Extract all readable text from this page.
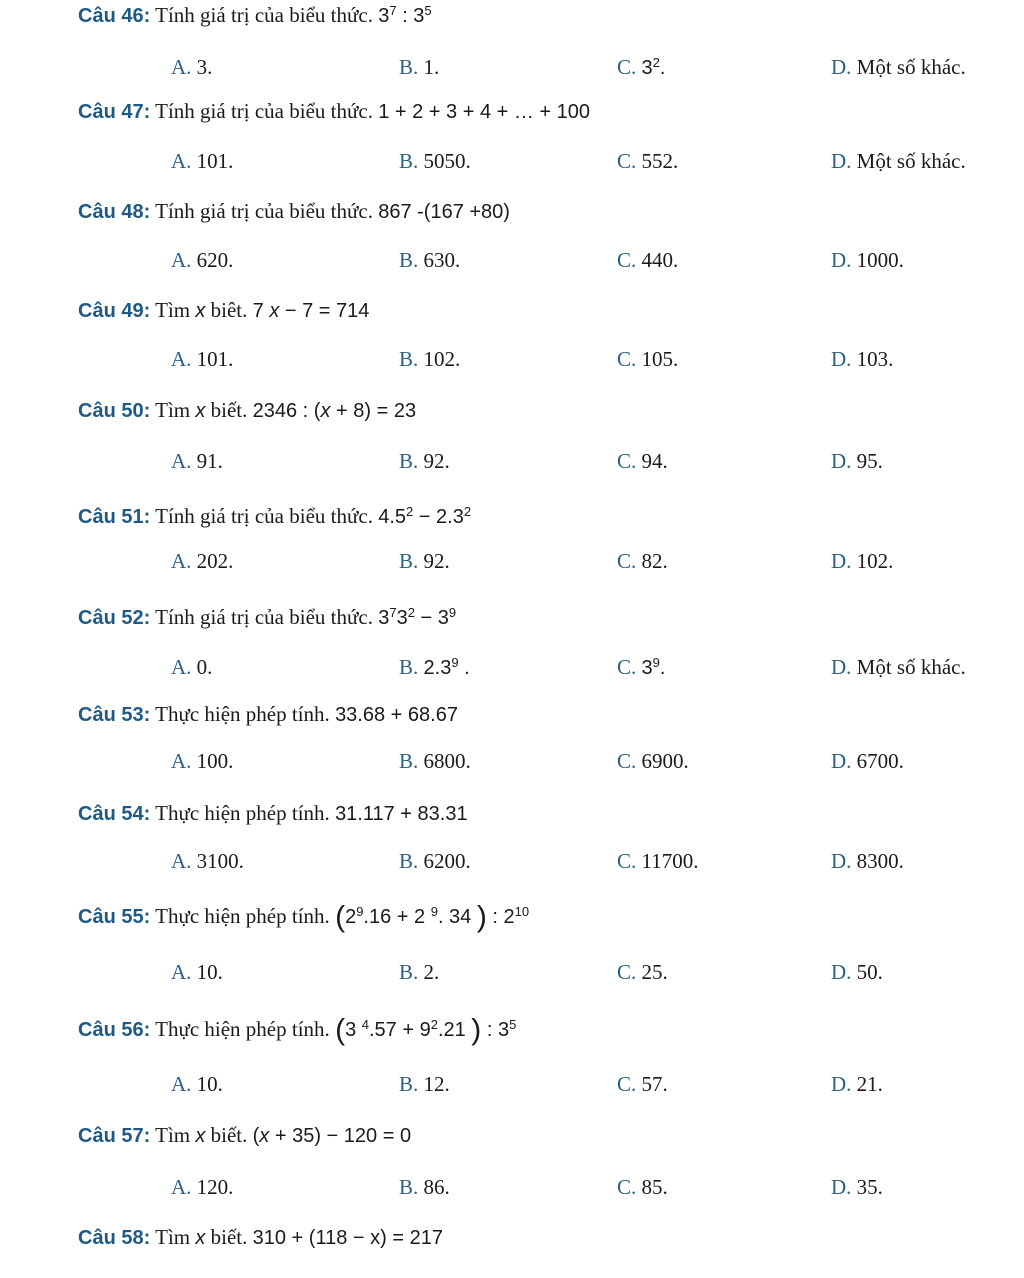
Câu 46: Tính giá trị của biểu thức. $3^7$ : $3^5$
A. 3.	B. 1.	C. $3^2$.	D. Một số khác.
Câu 47: Tính giá trị của biểu thức. 1 + 2 + 3 + 4 + … + 100
A. 101.	B. 5050.	C. 552.	D. Một số khác.
Câu 48: Tính giá trị của biểu thức. 867 -(167 +80)
A. 620.	B. 630.	C. 440.	D. 1000.
Câu 49: Tìm x biêt. 7 x − 7 = 714
A. 101.	B. 102.	C. 105.	D. 103.
Câu 50: Tìm x biết. 2346 : (x + 8) = 23
A. 91.	B. 92.	C. 94.	D. 95.
Câu 51: Tính giá trị của biểu thức. $4.5^2 - 2.3^2$
A. 202.	B. 92.	C. 82.	D. 102.
Câu 52: Tính giá trị của biểu thức. $3^73^2 - 3^9$
A. 0.	B. $2.3^9$ .	C. $3^9$.	D. Một số khác.
Câu 53: Thực hiện phép tính. 33.68 + 68.67
A. 100.	B. 6800.	C. 6900.	D. 6700.
Câu 54: Thực hiện phép tính. 31.117 + 83.31
A. 3100.	B. 6200.	C. 11700.	D. 8300.
Câu 55: Thực hiện phép tính. ($2^9.16 + 2$ $^9$. 34 ) : $2^{10}$
A. 10.	B. 2.	C. 25.	D. 50.
Câu 56: Thực hiện phép tính. (3 $^4.57 + 9^2.21$ ) : $3^5$
A. 10.	B. 12.	C. 57.	D. 21.
Câu 57: Tìm x biết. (x + 35) − 120 = 0
A. 120.	B. 86.	C. 85.	D. 35.
Câu 58: Tìm x biết. 310 + (118 − x) = 217
